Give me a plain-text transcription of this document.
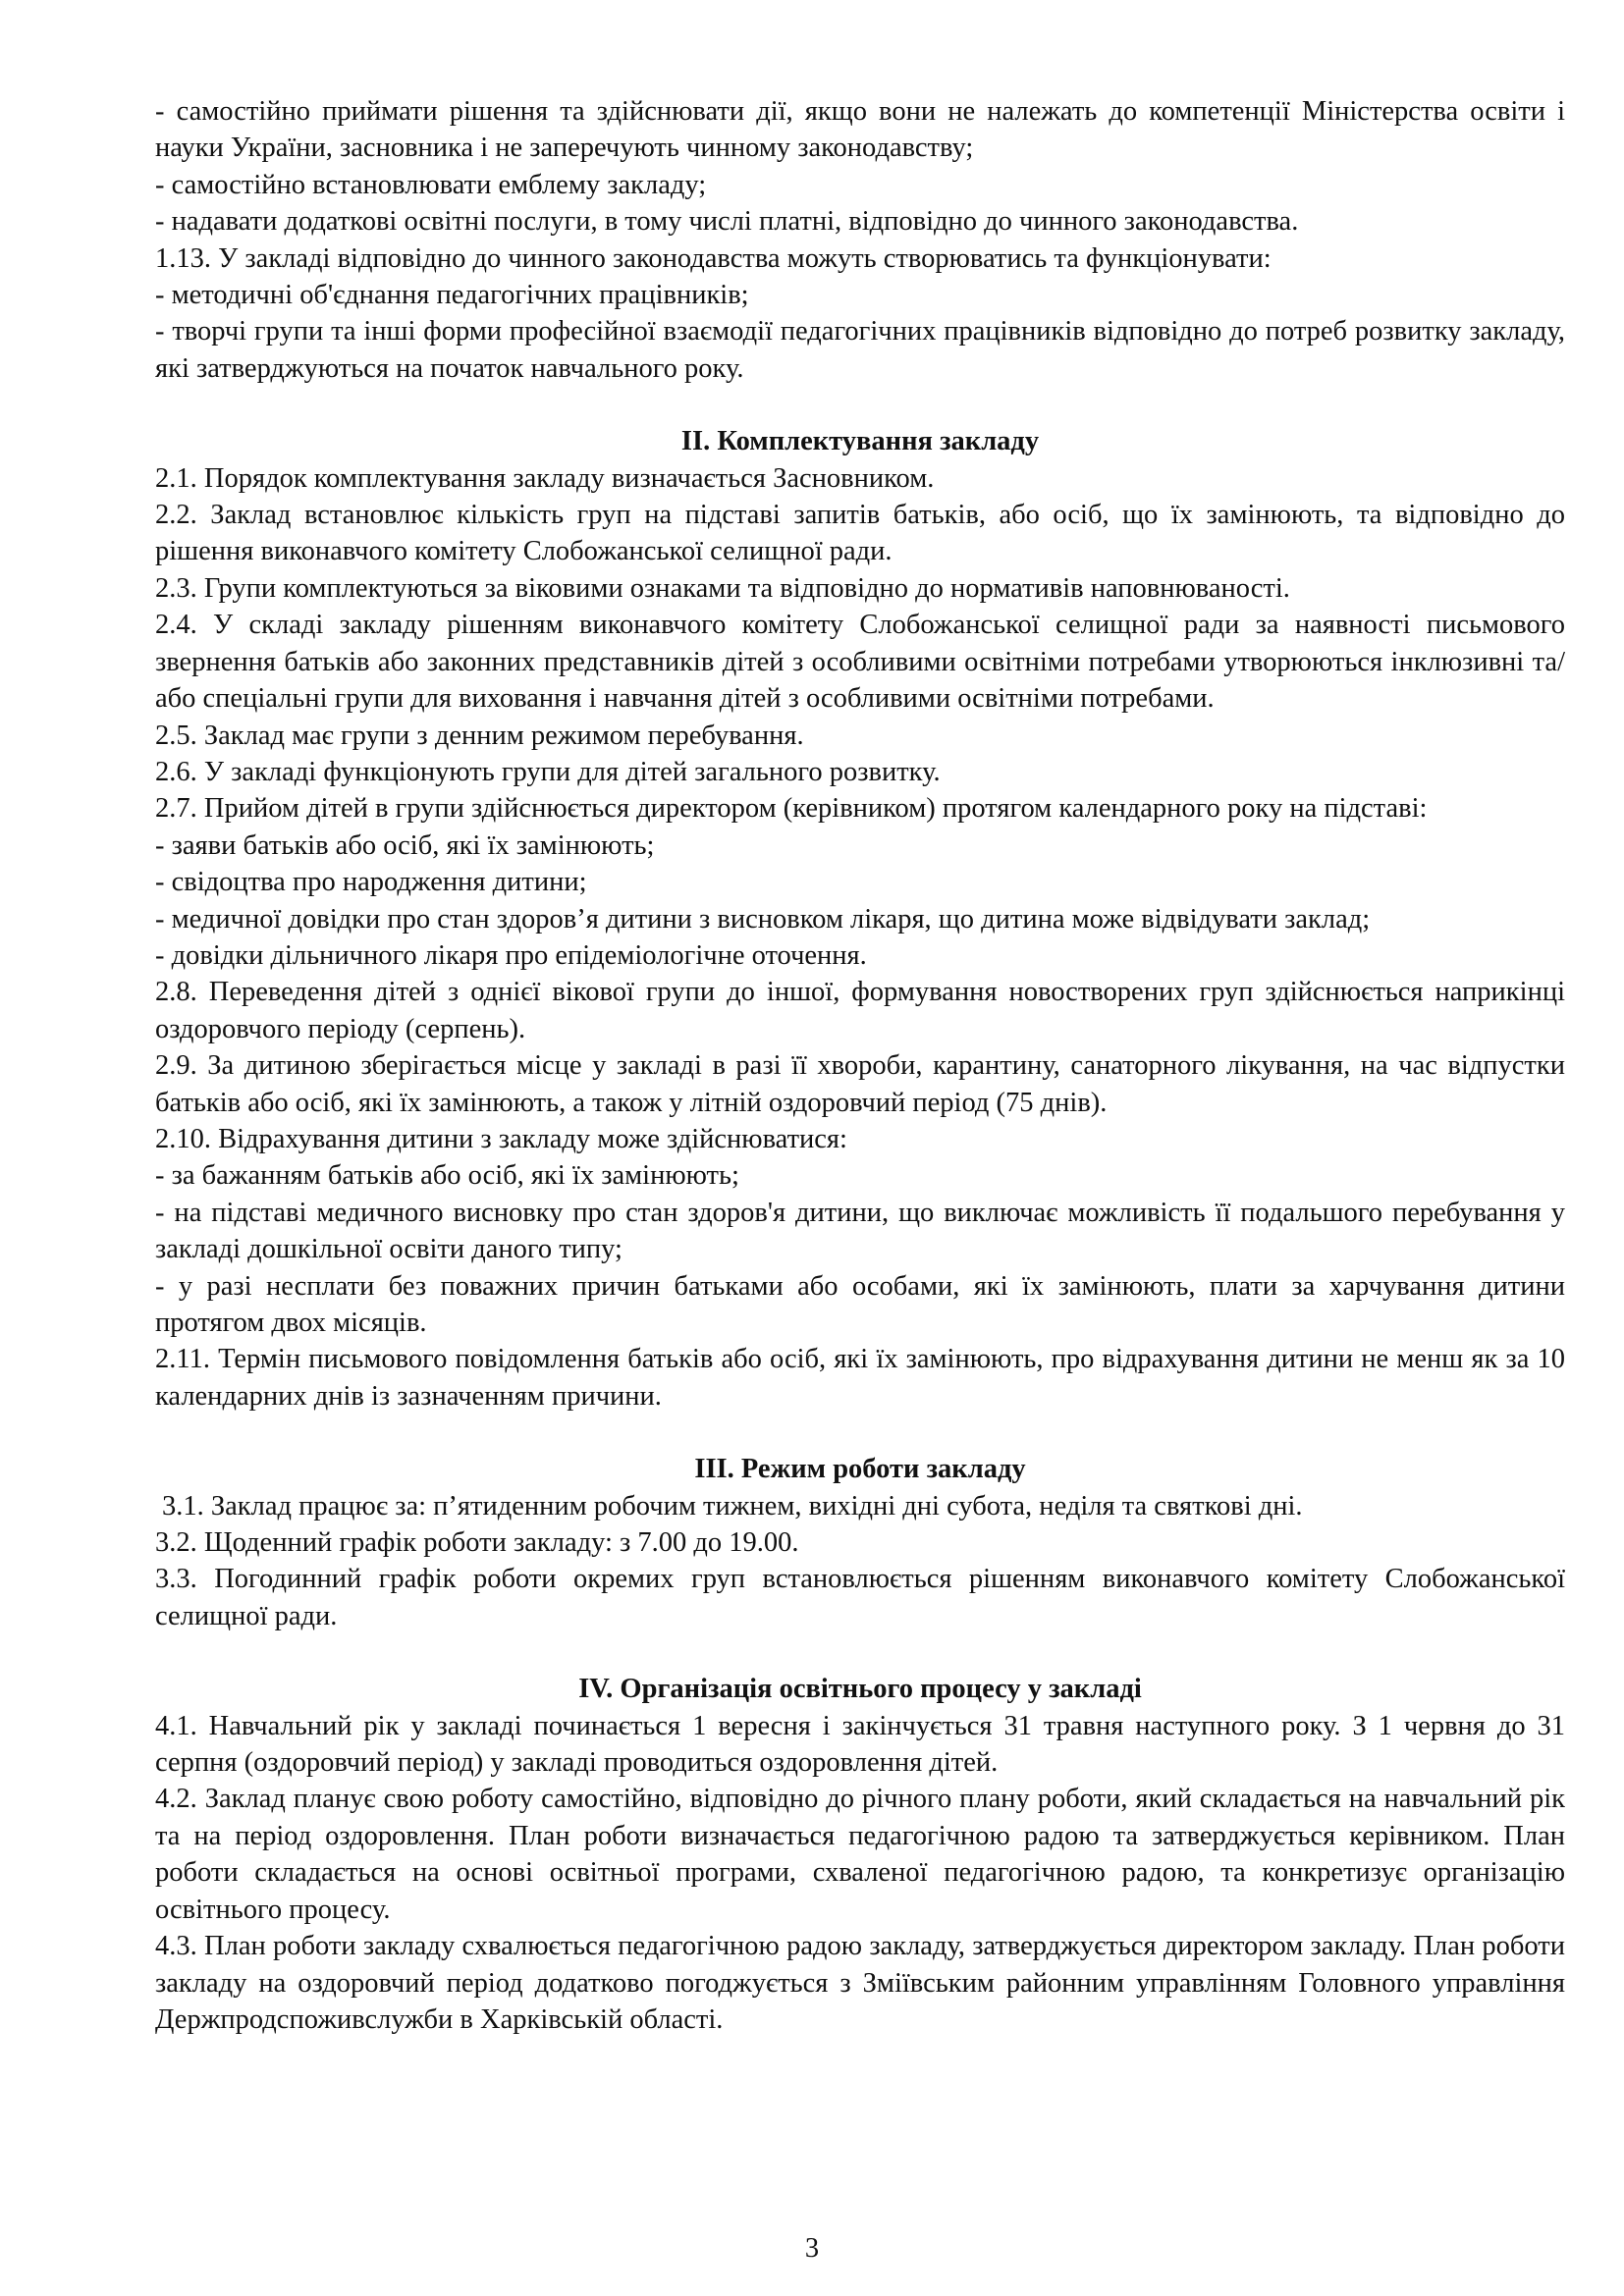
- самостійно приймати рішення та здійснювати дії, якщо вони не належать до компетенції Міністерства освіти і науки України, засновника і не заперечують чинному законодавству;

- самостійно встановлювати емблему закладу;

- надавати додаткові освітні послуги, в тому числі платні, відповідно до чинного законодавства.

1.13. У закладі відповідно до чинного законодавства можуть створюватись та функціонувати:

- методичні об'єднання педагогічних працівників;

- творчі групи та інші форми професійної взаємодії педагогічних працівників відповідно до потреб розвитку закладу, які затверджуються на початок навчального року.

ІІ. Комплектування закладу

2.1. Порядок комплектування закладу визначається Засновником.

2.2. Заклад встановлює кількість груп на підставі запитів батьків, або осіб, що їх замінюють, та відповідно до рішення виконавчого комітету Слобожанської селищної ради.

2.3. Групи комплектуються за віковими ознаками та відповідно до нормативів наповнюваності.

2.4. У складі закладу рішенням виконавчого комітету Слобожанської селищної ради за наявності письмового звернення батьків або законних представників дітей з особливими освітніми потребами утворюються інклюзивні та/або спеціальні групи для виховання і навчання дітей з особливими освітніми потребами.

2.5. Заклад має групи з денним режимом перебування.

2.6. У закладі функціонують групи для дітей загального розвитку.

2.7. Прийом дітей в групи здійснюється директором (керівником) протягом календарного року на підставі:

- заяви батьків або осіб, які їх замінюють;

- свідоцтва про народження дитини;

- медичної довідки про стан здоров’я дитини з висновком лікаря, що дитина може відвідувати заклад;

- довідки дільничного лікаря про епідеміологічне оточення.

2.8. Переведення дітей з однієї вікової групи до іншої, формування новостворених груп здійснюється наприкінці оздоровчого періоду (серпень).

2.9. За дитиною зберігається місце у закладі в разі її хвороби, карантину, санаторного лікування, на час відпустки батьків або осіб, які їх замінюють, а також у літній оздоровчий період (75 днів).

2.10. Відрахування дитини з закладу може здійснюватися:

- за бажанням батьків або осіб, які їх замінюють;

- на підставі медичного висновку про стан здоров'я дитини, що виключає можливість її подальшого перебування у закладі дошкільної освіти даного типу;

- у разі несплати без поважних причин батьками або особами, які їх замінюють, плати за харчування дитини протягом двох місяців.

2.11. Термін письмового повідомлення батьків або осіб, які їх замінюють, про відрахування дитини не менш як за 10 календарних днів із зазначенням причини.

ІІІ. Режим роботи закладу

3.1. Заклад працює за: п’ятиденним робочим тижнем, вихідні дні субота, неділя та святкові дні.

3.2. Щоденний графік роботи закладу: з 7.00 до 19.00.

3.3. Погодинний графік роботи окремих груп встановлюється рішенням виконавчого комітету Слобожанської селищної ради.

ІV. Організація освітнього процесу у закладі

4.1. Навчальний рік у закладі починається 1 вересня і закінчується 31 травня наступного року. З 1 червня до 31 серпня (оздоровчий період) у закладі проводиться оздоровлення дітей.

4.2. Заклад планує свою роботу самостійно, відповідно до річного плану роботи, який складається на навчальний рік та на період оздоровлення. План роботи визначається педагогічною радою та затверджується керівником. План роботи складається на основі освітньої програми, схваленої педагогічною радою, та конкретизує організацію освітнього процесу.

4.3. План роботи закладу схвалюється педагогічною радою закладу, затверджується директором закладу. План роботи закладу на оздоровчий період додатково погоджується з Зміївським районним управлінням Головного управління Держпродспоживслужби в Харківській області.

3
